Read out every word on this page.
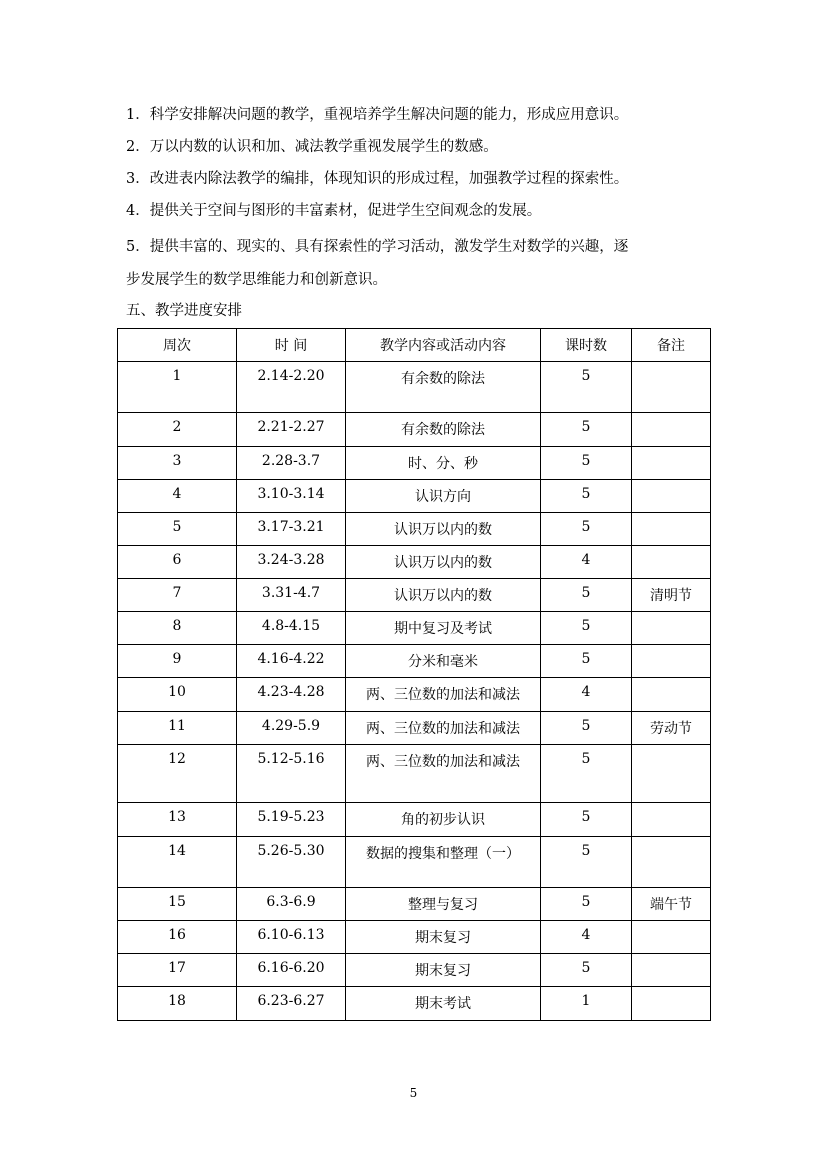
1．科学安排解决问题的教学，重视培养学生解决问题的能力，形成应用意识。

2．万以内数的认识和加、减法教学重视发展学生的数感。

3．改进表内除法教学的编排，体现知识的形成过程，加强教学过程的探索性。

4．提供关于空间与图形的丰富素材，促进学生空间观念的发展。

5．提供丰富的、现实的、具有探索性的学习活动，激发学生对数学的兴趣，逐

步发展学生的数学思维能力和创新意识。

五、教学进度安排
周次	时 间	教学内容或活动内容	课时数	备注
1	2.14-2.20	有余数的除法	5	
2	2.21-2.27	有余数的除法	5	
3	2.28-3.7	时、分、秒	5	
4	3.10-3.14	认识方向	5	
5	3.17-3.21	认识万以内的数	5	
6	3.24-3.28	认识万以内的数	4	
7	3.31-4.7	认识万以内的数	5	清明节
8	4.8-4.15	期中复习及考试	5	
9	4.16-4.22	分米和毫米	5	
10	4.23-4.28	两、三位数的加法和减法	4	
11	4.29-5.9	两、三位数的加法和减法	5	劳动节
12	5.12-5.16	两、三位数的加法和减法	5	
13	5.19-5.23	角的初步认识	5	
14	5.26-5.30	数据的搜集和整理（一）	5	
15	6.3-6.9	整理与复习	5	端午节
16	6.10-6.13	期末复习	4	
17	6.16-6.20	期末复习	5	
18	6.23-6.27	期末考试	1	
5
